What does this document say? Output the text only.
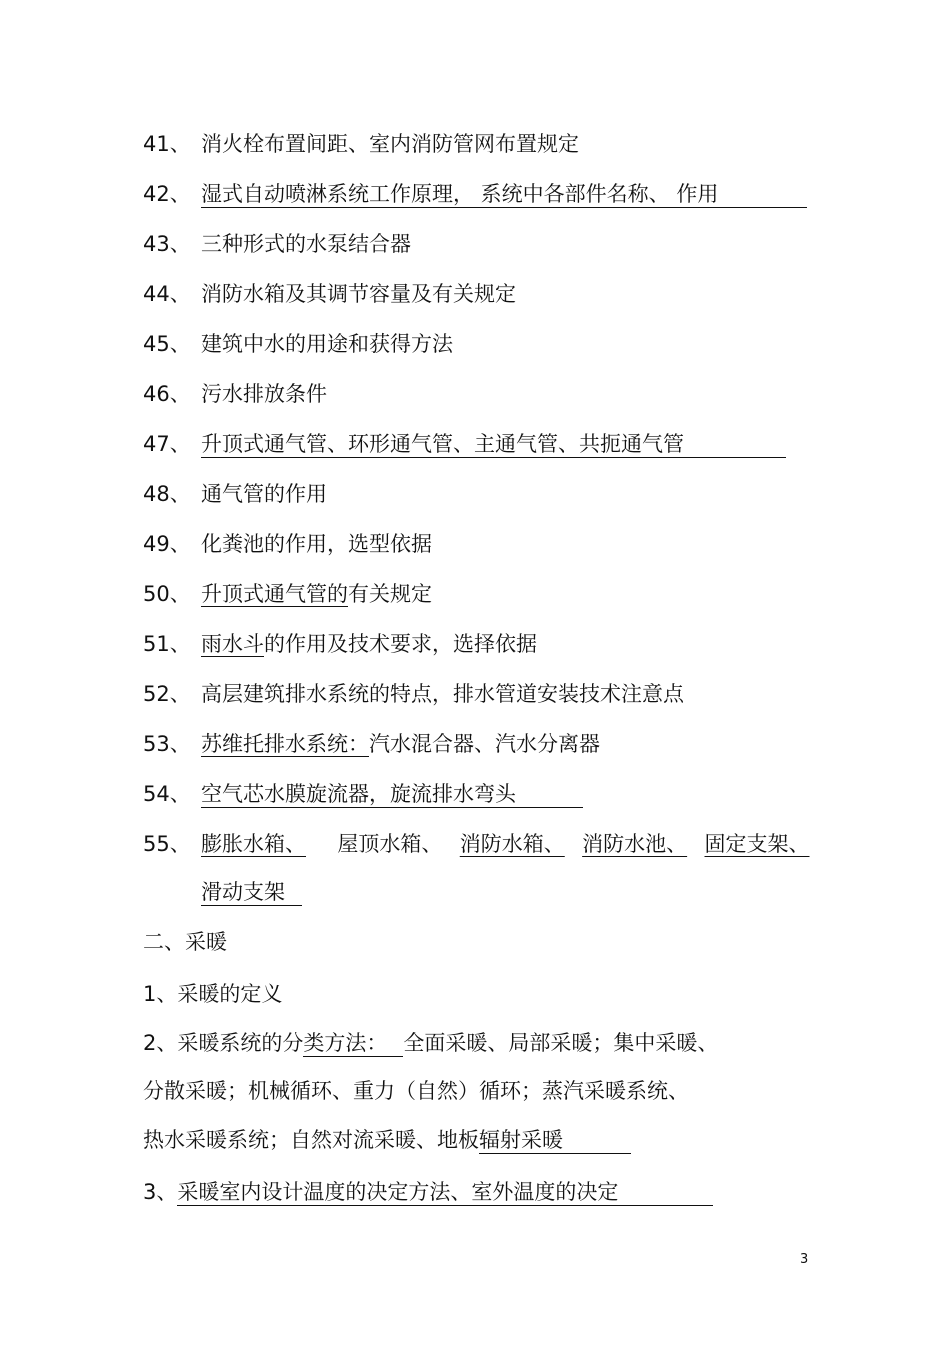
41、 消火栓布置间距、室内消防管网布置规定
42、 湿式自动喷淋系统工作原理， 系统中各部件名称、 作用
43、 三种形式的水泵结合器
44、 消防水箱及其调节容量及有关规定
45、 建筑中水的用途和获得方法
46、 污水排放条件
47、 升顶式通气管、环形通气管、主通气管、共扼通气管
48、 通气管的作用
49、 化粪池的作用，选型依据
50、 升顶式通气管的有关规定
51、 雨水斗的作用及技术要求，选择依据
52、 高层建筑排水系统的特点，排水管道安装技术注意点
53、 苏维托排水系统：汽水混合器、汽水分离器
54、 空气芯水膜旋流器，旋流排水弯头
55、 膨胀水箱、 屋顶水箱、 消防水箱、 消防水池、 固定支架、
滑动支架
二、采暖
1、采暖的定义
2、采暖系统的分类方法： 全面采暖、局部采暖；集中采暖、
分散采暖；机械循环、重力（自然）循环；蒸汽采暖系统、
热水采暖系统；自然对流采暖、地板辐射采暖
3、采暖室内设计温度的决定方法、室外温度的决定
3
